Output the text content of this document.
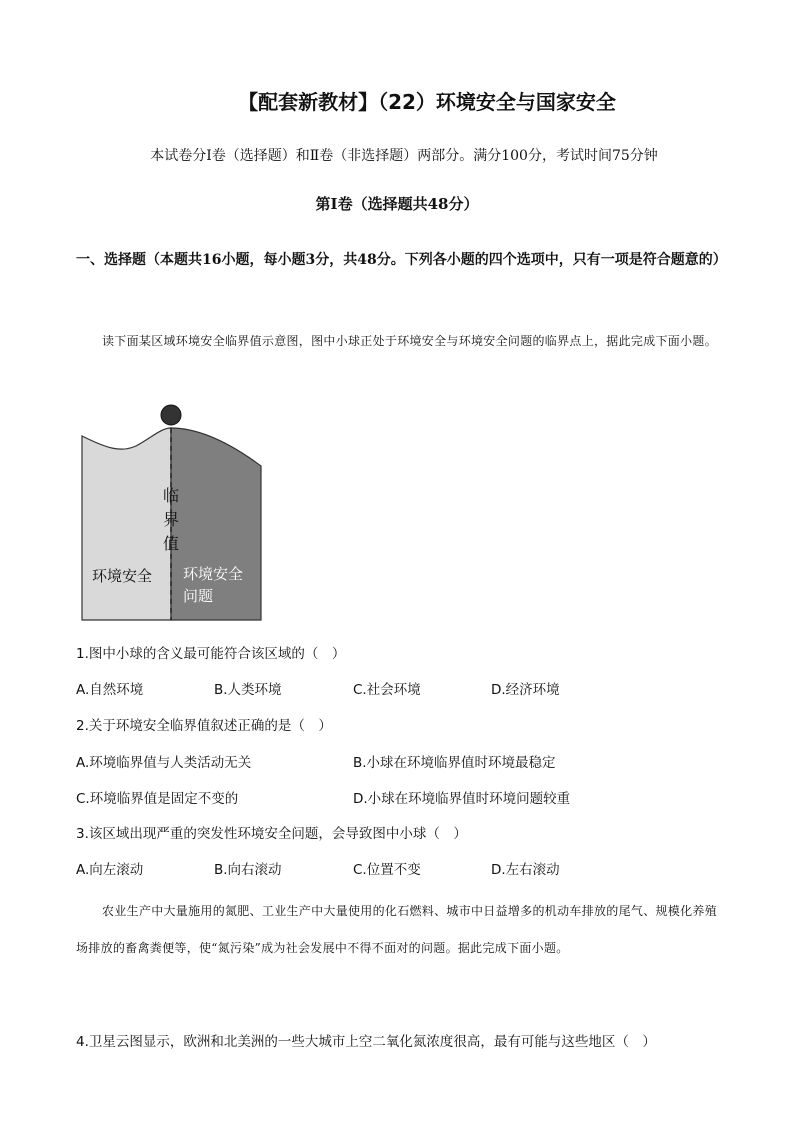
【配套新教材】（22）环境安全与国家安全
本试卷分Ⅰ卷（选择题）和Ⅱ卷（非选择题）两部分。满分100分，考试时间75分钟
第Ⅰ卷（选择题共48分）
一、选择题（本题共16小题，每小题3分，共48分。下列各小题的四个选项中，只有一项是符合题意的）
读下面某区域环境安全临界值示意图，图中小球正处于环境安全与环境安全问题的临界点上，据此完成下面小题。
临
界
值
环境安全 环境安全
问题
1.图中小球的含义最可能符合该区域的（　）
A.自然环境	B.人类环境	C.社会环境	D.经济环境
2.关于环境安全临界值叙述正确的是（　）
A.环境临界值与人类活动无关	B.小球在环境临界值时环境最稳定
C.环境临界值是固定不变的	D.小球在环境临界值时环境问题较重
3.该区域出现严重的突发性环境安全问题，会导致图中小球（　）
A.向左滚动	B.向右滚动	C.位置不变	D.左右滚动
农业生产中大量施用的氮肥、工业生产中大量使用的化石燃料、城市中日益增多的机动车排放的尾气、规模化养殖场排放的畜禽粪便等，使“氮污染”成为社会发展中不得不面对的问题。据此完成下面小题。
4.卫星云图显示，欧洲和北美洲的一些大城市上空二氧化氮浓度很高，最有可能与这些地区（　）
